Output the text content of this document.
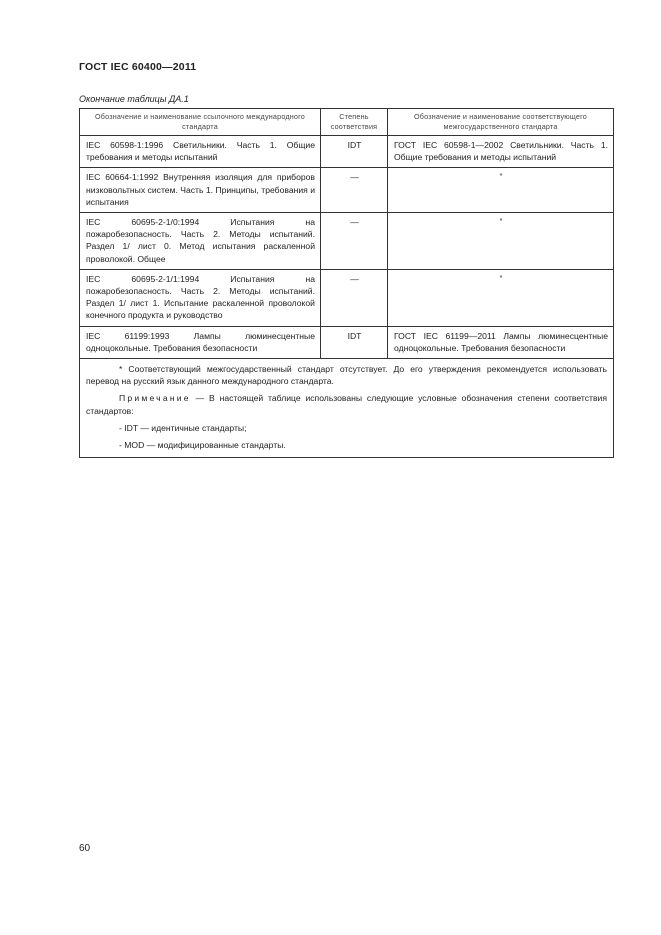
ГОСТ IEC 60400—2011
Окончание таблицы ДА.1
Обозначение и наименование ссылочного международного стандарта	Степень соответствия	Обозначение и наименование соответствующего межгосударственного стандарта
IEC 60598-1:1996 Светильники. Часть 1. Общие требования и методы испытаний	IDT	ГОСТ IEC 60598-1—2002 Светильники. Часть 1. Общие требования и методы испытаний
IEC 60664-1:1992 Внутренняя изоляция для приборов низковольтных систем. Часть 1. Принципы, требования и испытания	—	*
IEC 60695-2-1/0:1994 Испытания на пожаробезопасность. Часть 2. Методы испытаний. Раздел 1/ лист 0. Метод испытания раскаленной проволокой. Общее	—	*
IEC 60695-2-1/1:1994 Испытания на пожаробезопасность. Часть 2. Методы испытаний. Раздел 1/ лист 1. Испытание раскаленной проволокой конечного продукта и руководство	—	*
IEC 61199:1993 Лампы люминесцентные одноцокольные. Требования безопасности	IDT	ГОСТ IEC 61199—2011 Лампы люминесцентные одноцокольные. Требования безопасности

* Соответствующий межгосударственный стандарт отсутствует. До его утверждения рекомендуется использовать перевод на русский язык данного международного стандарта.

Примечание — В настоящей таблице использованы следующие условные обозначения степени соответствия стандартов:

- IDT — идентичные стандарты;

- MOD — модифицированные стандарты.		

60
